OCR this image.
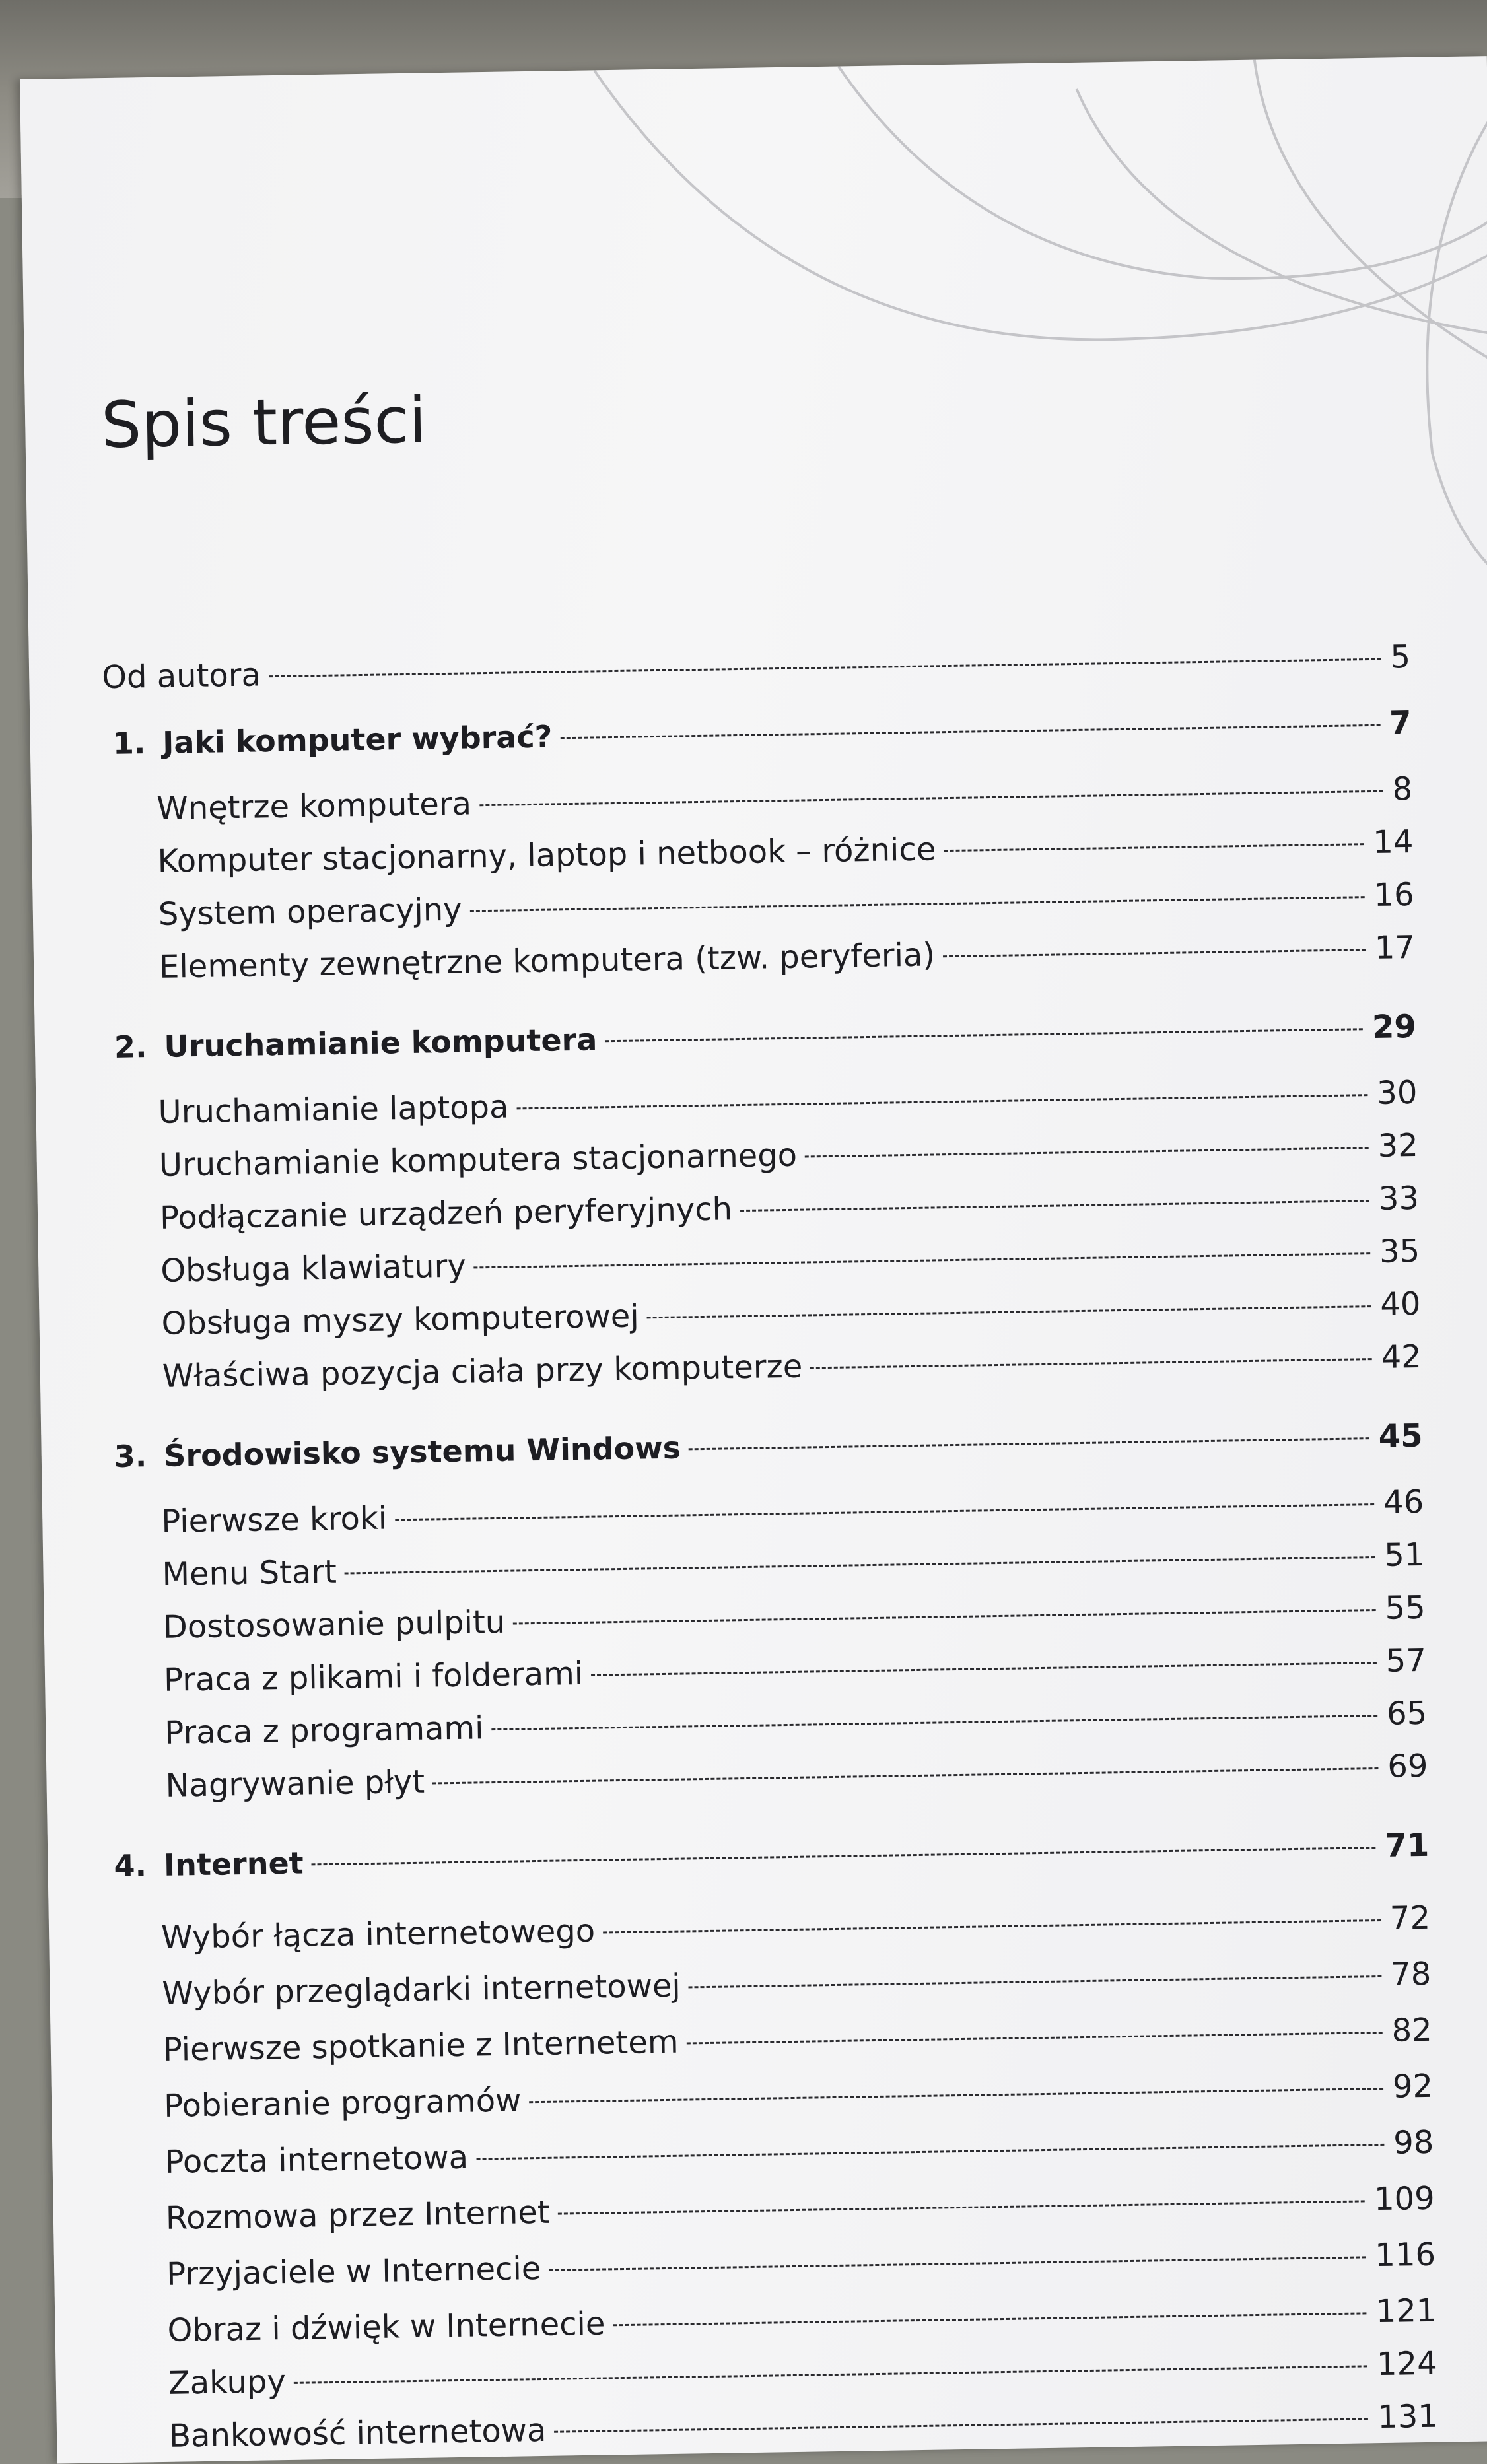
Spis treści
Od autora	5
1. Jaki komputer wybrać?	7
Wnętrze komputera	8
Komputer stacjonarny, laptop i netbook – różnice	14
System operacyjny	16
Elementy zewnętrzne komputera (tzw. peryferia)	17
2. Uruchamianie komputera	29
Uruchamianie laptopa	30
Uruchamianie komputera stacjonarnego	32
Podłączanie urządzeń peryferyjnych	33
Obsługa klawiatury	35
Obsługa myszy komputerowej	40
Właściwa pozycja ciała przy komputerze	42
3. Środowisko systemu Windows	45
Pierwsze kroki	46
Menu Start	51
Dostosowanie pulpitu	55
Praca z plikami i folderami	57
Praca z programami	65
Nagrywanie płyt	69
4. Internet	71
Wybór łącza internetowego	72
Wybór przeglądarki internetowej	78
Pierwsze spotkanie z Internetem	82
Pobieranie programów	92
Poczta internetowa	98
Rozmowa przez Internet	109
Przyjaciele w Internecie	116
Obraz i dźwięk w Internecie	121
Zakupy	124
Bankowość internetowa	131
